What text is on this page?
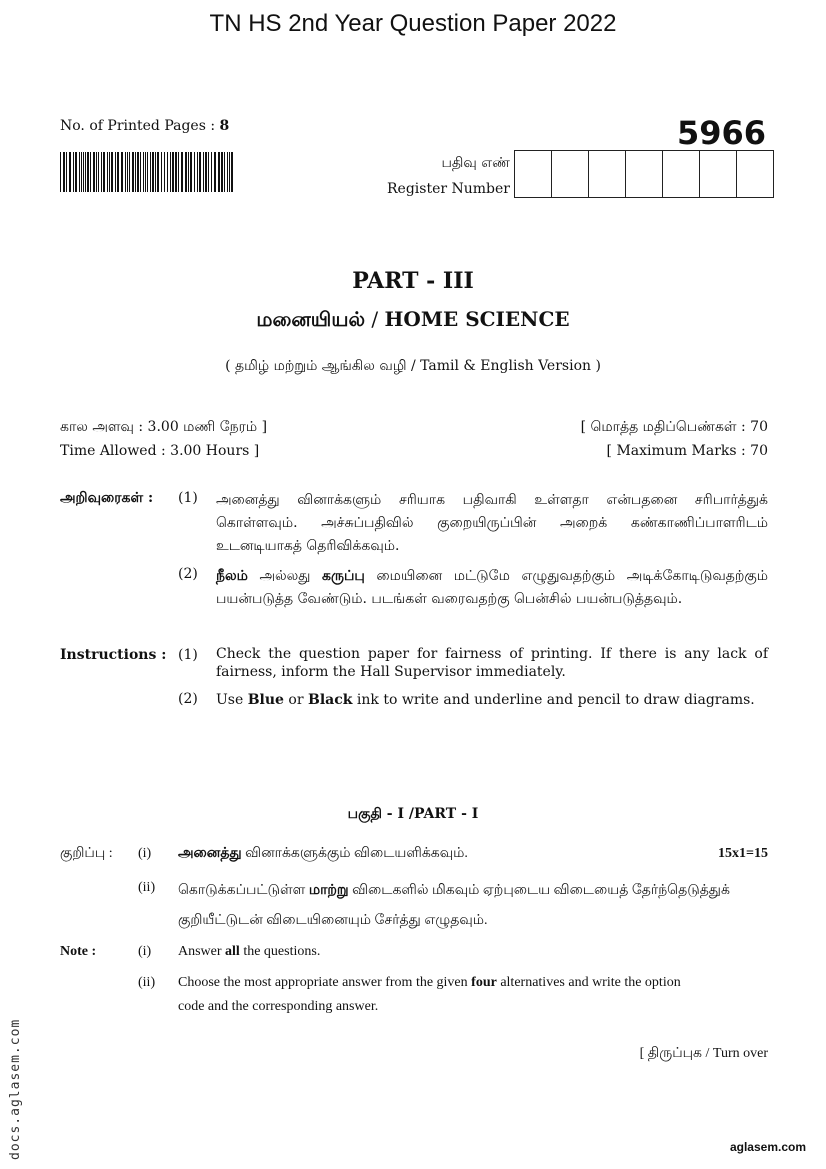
TN HS 2nd Year Question Paper 2022
No. of Printed Pages : 8	5966
பதிவு எண்
Register Number
PART - III
மனையியல் / HOME SCIENCE
( தமிழ் மற்றும் ஆங்கில வழி / Tamil & English Version )
கால அளவு : 3.00 மணி நேரம் ]	[ மொத்த மதிப்பெண்கள் : 70
Time Allowed : 3.00 Hours ]	[ Maximum Marks : 70
அறிவுரைகள் : (1) அனைத்து வினாக்களும் சரியாக பதிவாகி உள்ளதா என்பதனை சரிபார்த்துக் கொள்ளவும். அச்சுப்பதிவில் குறையிருப்பின் அறைக் கண்காணிப்பாளரிடம் உடனடியாகத் தெரிவிக்கவும்.
(2) நீலம் அல்லது கருப்பு மையினை மட்டுமே எழுதுவதற்கும் அடிக்கோடிடுவதற்கும் பயன்படுத்த வேண்டும். படங்கள் வரைவதற்கு பென்சில் பயன்படுத்தவும்.
Instructions : (1) Check the question paper for fairness of printing. If there is any lack of fairness, inform the Hall Supervisor immediately.
(2) Use Blue or Black ink to write and underline and pencil to draw diagrams.
பகுதி - I /PART - I
குறிப்பு : (i) அனைத்து வினாக்களுக்கும் விடையளிக்கவும்.	15x1=15
(ii) கொடுக்கப்பட்டுள்ள மாற்று விடைகளில் மிகவும் ஏற்புடைய விடையைத் தேர்ந்தெடுத்துக் குறியீட்டுடன் விடையினையும் சேர்த்து எழுதவும்.
Note :	(i) Answer all the questions.
(ii) Choose the most appropriate answer from the given four alternatives and write the option code and the corresponding answer.
[ திருப்புக / Turn over
docs.aglasem.com	aglasem.com
